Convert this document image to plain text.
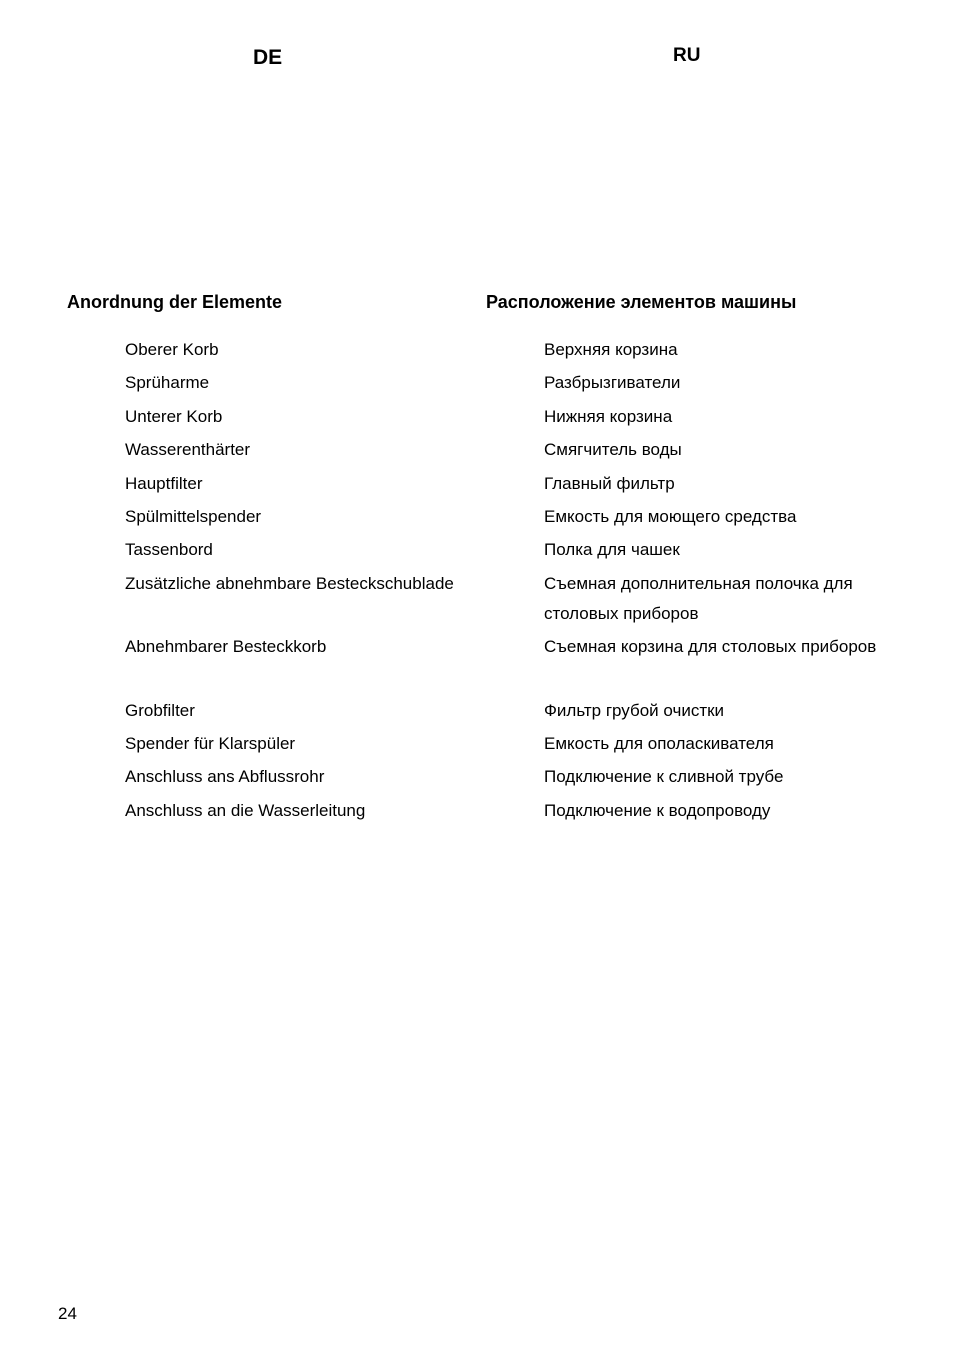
DE	RU
Anordnung der Elemente	Расположение элементов машины
Oberer Korb
Sprüharme
Unterer Korb
Wasserenthärter
Hauptfilter
Spülmittelspender
Tassenbord
Zusätzliche abnehmbare Besteckschublade
Abnehmbarer Besteckkorb
Grobfilter
Spender für Klarspüler
Anschluss ans Abflussrohr
Anschluss an die Wasserleitung
Верхняя корзина
Разбрызгиватели
Нижняя корзина
Смягчитель воды
Главный фильтр
Емкость для моющего средства
Полка для чашек
Съемная дополнительная полочка для столовых приборов
Съемная корзина для столовых приборов
Фильтр грубой очистки
Емкость для ополаскивателя
Подключение к сливной трубе
Подключение к водопроводу
24
